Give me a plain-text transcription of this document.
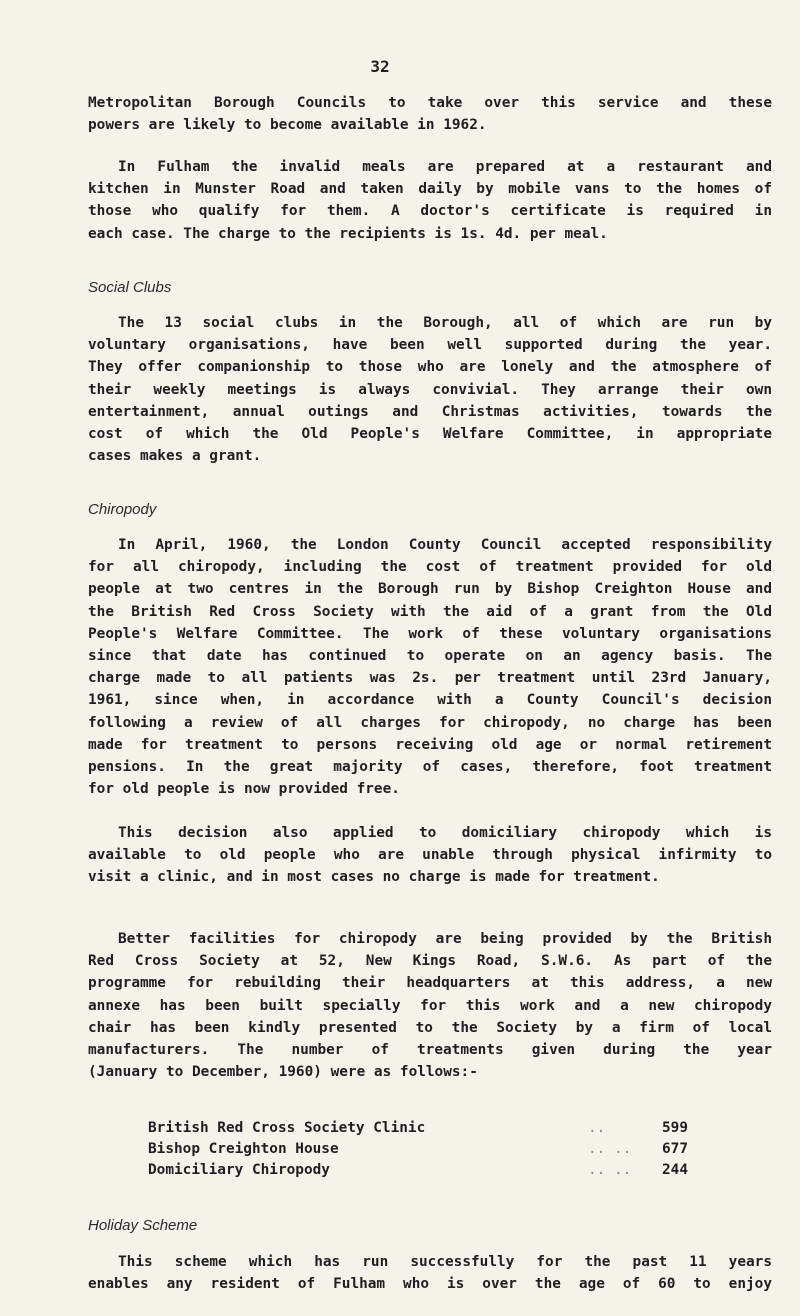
32
Metropolitan Borough Councils to take over this service and these
powers are likely to become available in 1962.
In Fulham the invalid meals are prepared at a restaurant and
kitchen in Munster Road and taken daily by mobile vans to the homes of
those who qualify for them. A doctor's certificate is required in
each case. The charge to the recipients is 1s. 4d. per meal.
Social Clubs
The 13 social clubs in the Borough, all of which are run by
voluntary organisations, have been well supported during the year.
They offer companionship to those who are lonely and the atmosphere of
their weekly meetings is always convivial. They arrange their own
entertainment, annual outings and Christmas activities, towards the
cost of which the Old People's Welfare Committee, in appropriate
cases makes a grant.
Chiropody
In April, 1960, the London County Council accepted responsibility
for all chiropody, including the cost of treatment provided for old
people at two centres in the Borough run by Bishop Creighton House and
the British Red Cross Society with the aid of a grant from the Old
People's Welfare Committee. The work of these voluntary organisations
since that date has continued to operate on an agency basis. The
charge made to all patients was 2s. per treatment until 23rd January,
1961, since when, in accordance with a County Council's decision
following a review of all charges for chiropody, no charge has been
made for treatment to persons receiving old age or normal retirement
pensions. In the great majority of cases, therefore, foot treatment
for old people is now provided free.
This decision also applied to domiciliary chiropody which is
available to old people who are unable through physical infirmity to
visit a clinic, and in most cases no charge is made for treatment.
Better facilities for chiropody are being provided by the British
Red Cross Society at 52, New Kings Road, S.W.6. As part of the
programme for rebuilding their headquarters at this address, a new
annexe has been built specially for this work and a new chiropody
chair has been kindly presented to the Society by a firm of local
manufacturers. The number of treatments given during the year
(January to December, 1960) were as follows:-
British Red Cross Society Clinic	..	599
Bishop Creighton House	.. ..	677
Domiciliary Chiropody	.. ..	244
Holiday Scheme
This scheme which has run successfully for the past 11 years
enables any resident of Fulham who is over the age of 60 to enjoy
